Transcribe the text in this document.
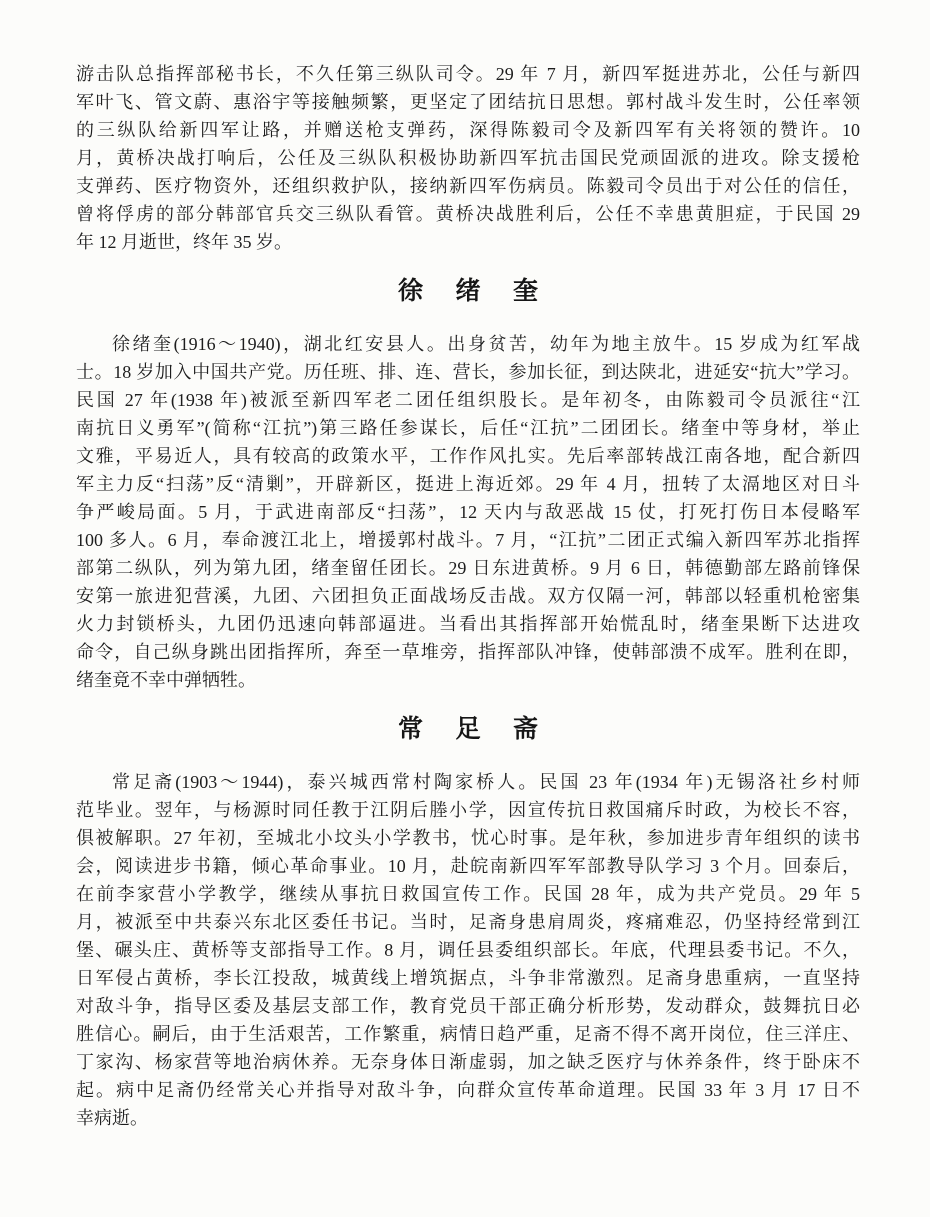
游击队总指挥部秘书长，不久任第三纵队司令。29 年 7 月，新四军挺进苏北，公任与新四
军叶飞、管文蔚、惠浴宇等接触频繁，更坚定了团结抗日思想。郭村战斗发生时，公任率领
的三纵队给新四军让路，并赠送枪支弹药，深得陈毅司令及新四军有关将领的赞许。10
月，黄桥决战打响后，公任及三纵队积极协助新四军抗击国民党顽固派的进攻。除支援枪
支弹药、医疗物资外，还组织救护队，接纳新四军伤病员。陈毅司令员出于对公任的信任，
曾将俘虏的部分韩部官兵交三纵队看管。黄桥决战胜利后，公任不幸患黄胆症，于民国 29
年 12 月逝世，终年 35 岁。

徐 绪 奎

徐绪奎(1916～1940)，湖北红安县人。出身贫苦，幼年为地主放牛。15 岁成为红军战
士。18 岁加入中国共产党。历任班、排、连、营长，参加长征，到达陕北，进延安“抗大”学习。
民国 27 年(1938 年)被派至新四军老二团任组织股长。是年初冬，由陈毅司令员派往“江
南抗日义勇军”(简称“江抗”)第三路任参谋长，后任“江抗”二团团长。绪奎中等身材，举止
文雅，平易近人，具有较高的政策水平，工作作风扎实。先后率部转战江南各地，配合新四
军主力反“扫荡”反“清剿”，开辟新区，挺进上海近郊。29 年 4 月，扭转了太滆地区对日斗
争严峻局面。5 月，于武进南部反“扫荡”，12 天内与敌恶战 15 仗，打死打伤日本侵略军
100 多人。6 月，奉命渡江北上，增援郭村战斗。7 月，“江抗”二团正式编入新四军苏北指挥
部第二纵队，列为第九团，绪奎留任团长。29 日东进黄桥。9 月 6 日，韩德勤部左路前锋保
安第一旅进犯营溪，九团、六团担负正面战场反击战。双方仅隔一河，韩部以轻重机枪密集
火力封锁桥头，九团仍迅速向韩部逼进。当看出其指挥部开始慌乱时，绪奎果断下达进攻
命令，自己纵身跳出团指挥所，奔至一草堆旁，指挥部队冲锋，使韩部溃不成军。胜利在即，
绪奎竟不幸中弹牺牲。

常 足 斋

常足斋(1903～1944)，泰兴城西常村陶家桥人。民国 23 年(1934 年)无锡洛社乡村师
范毕业。翌年，与杨源时同任教于江阴后塍小学，因宣传抗日救国痛斥时政，为校长不容，
俱被解职。27 年初，至城北小坟头小学教书，忧心时事。是年秋，参加进步青年组织的读书
会，阅读进步书籍，倾心革命事业。10 月，赴皖南新四军军部教导队学习 3 个月。回泰后，
在前李家营小学教学，继续从事抗日救国宣传工作。民国 28 年，成为共产党员。29 年 5
月，被派至中共泰兴东北区委任书记。当时，足斋身患肩周炎，疼痛难忍，仍坚持经常到江
堡、碾头庄、黄桥等支部指导工作。8 月，调任县委组织部长。年底，代理县委书记。不久，
日军侵占黄桥，李长江投敌，城黄线上增筑据点，斗争非常激烈。足斋身患重病，一直坚持
对敌斗争，指导区委及基层支部工作，教育党员干部正确分析形势，发动群众，鼓舞抗日必
胜信心。嗣后，由于生活艰苦，工作繁重，病情日趋严重，足斋不得不离开岗位，住三洋庄、
丁家沟、杨家营等地治病休养。无奈身体日渐虚弱，加之缺乏医疗与休养条件，终于卧床不
起。病中足斋仍经常关心并指导对敌斗争，向群众宣传革命道理。民国 33 年 3 月 17 日不
幸病逝。
